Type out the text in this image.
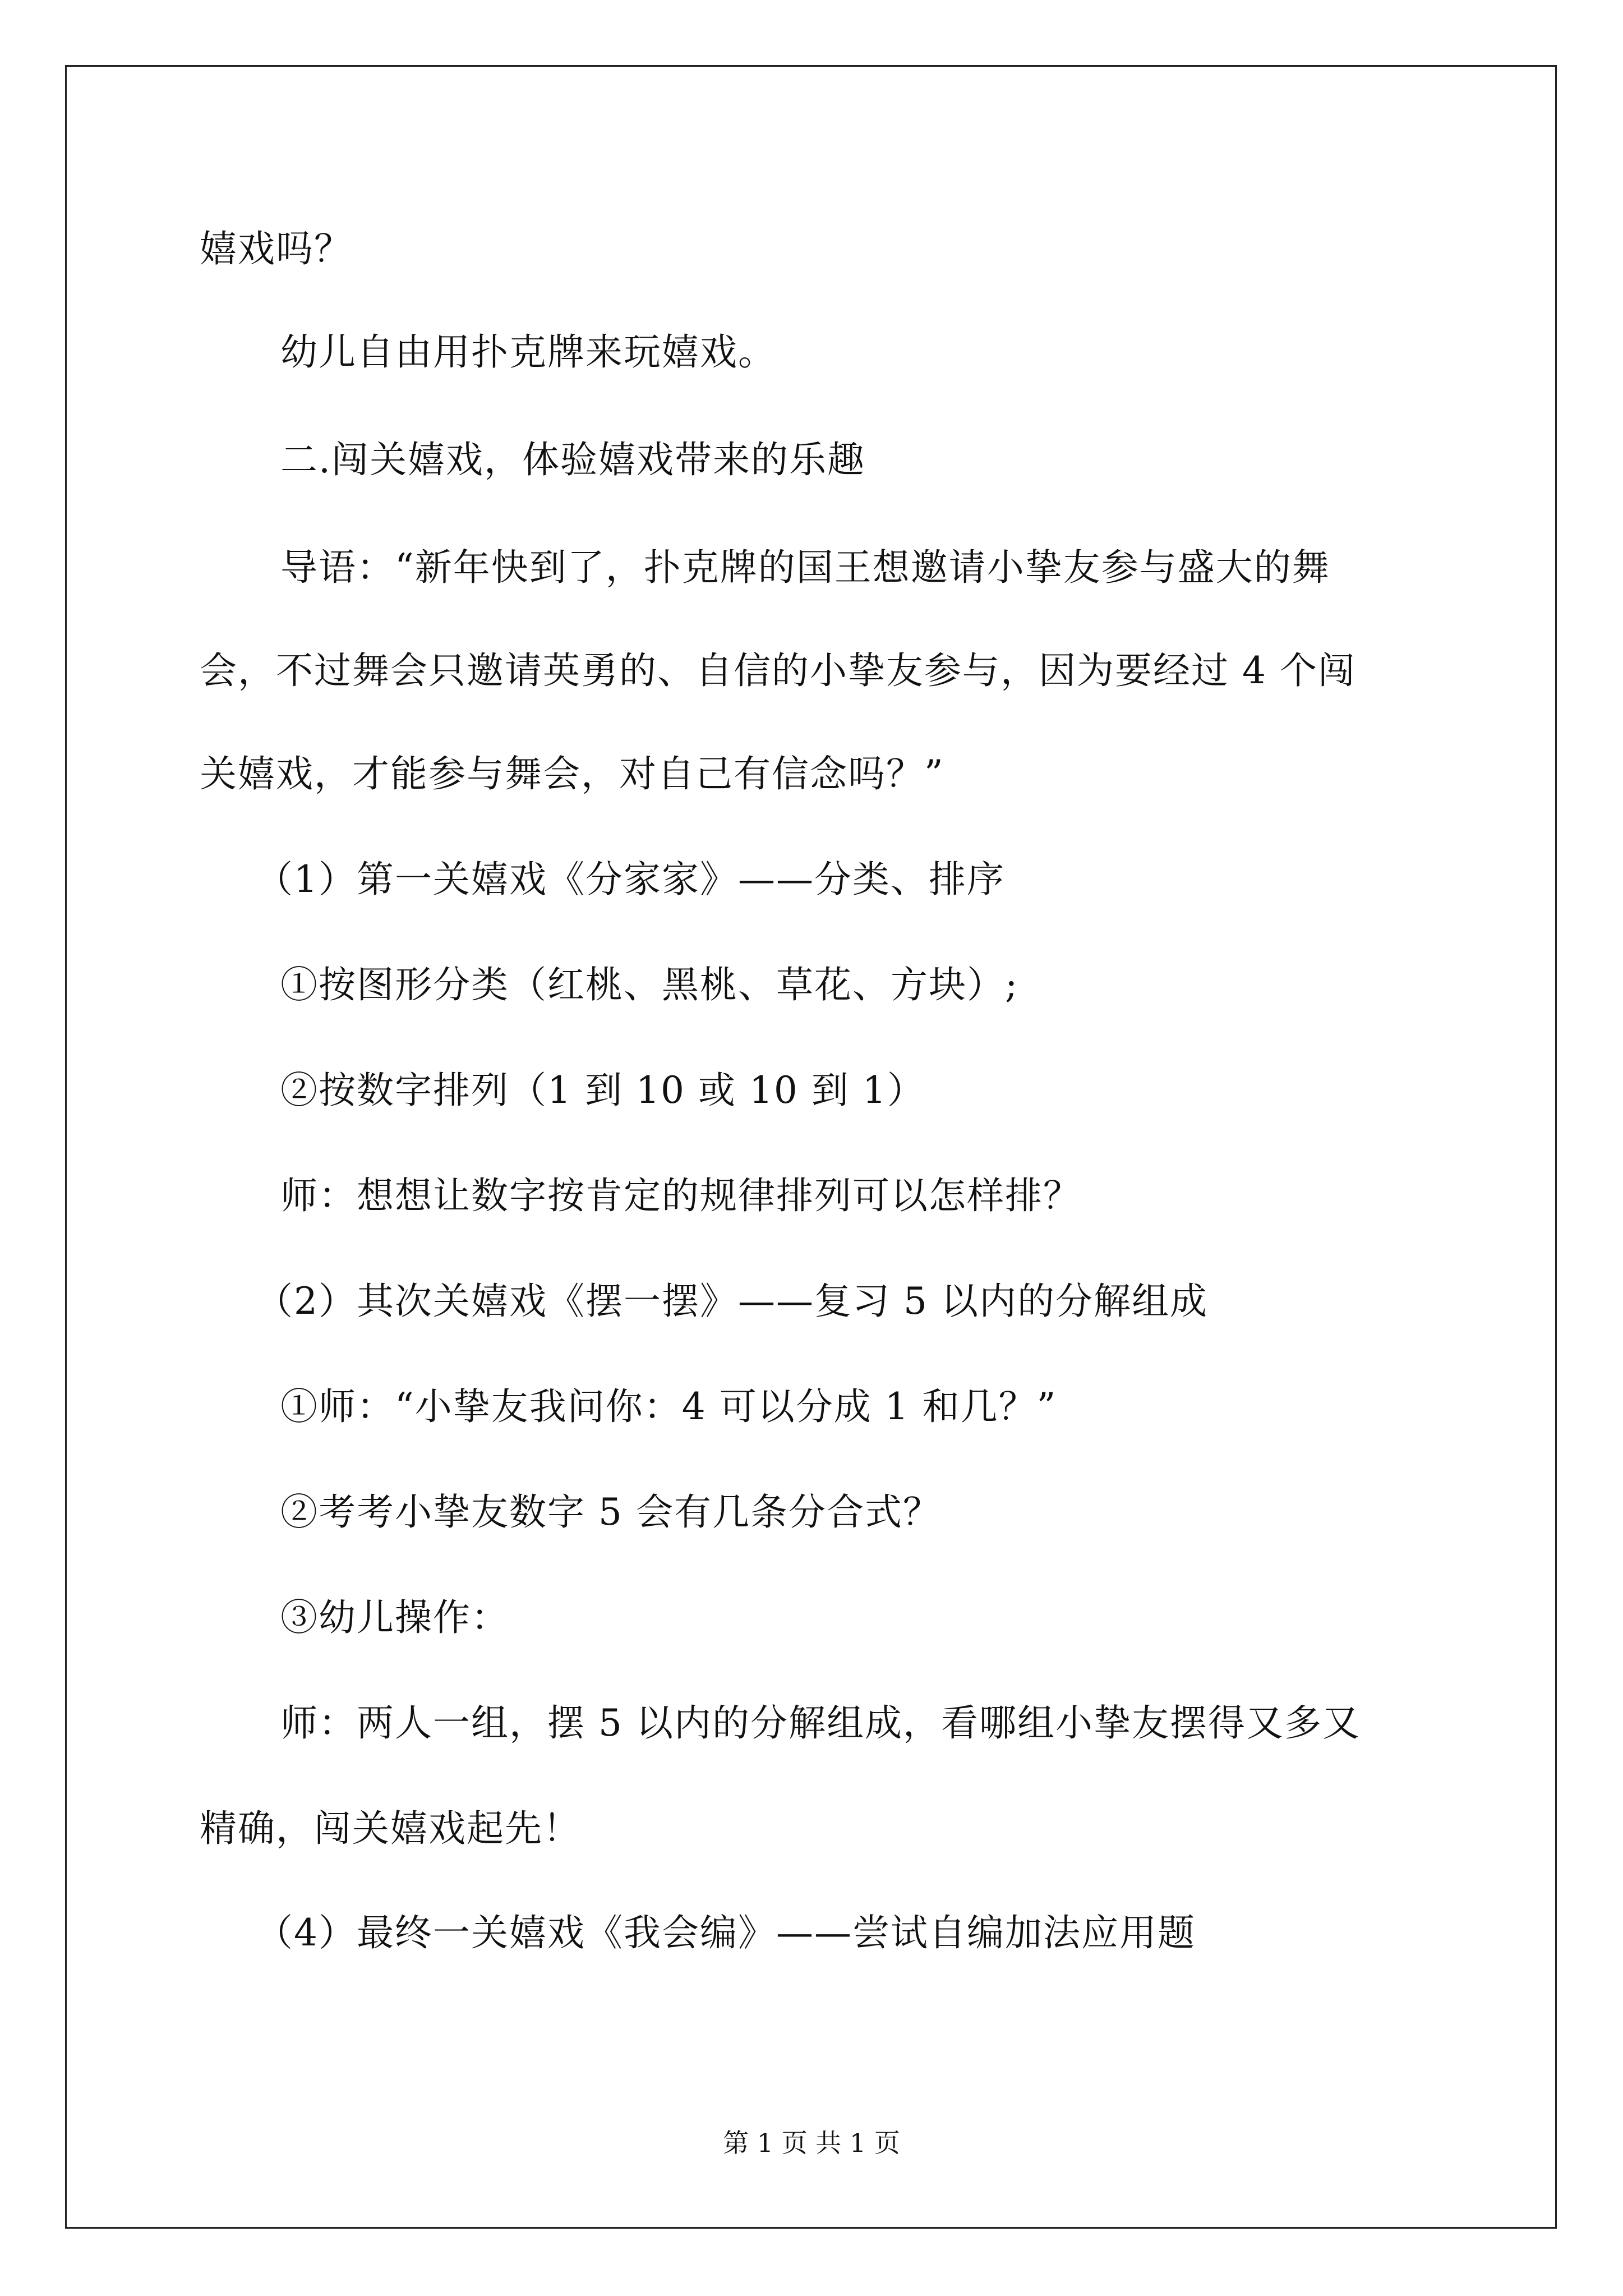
嬉戏吗？
幼儿自由用扑克牌来玩嬉戏。
二.闯关嬉戏，体验嬉戏带来的乐趣
导语：“新年快到了，扑克牌的国王想邀请小挚友参与盛大的舞
会，不过舞会只邀请英勇的、自信的小挚友参与，因为要经过 4 个闯
关嬉戏，才能参与舞会，对自己有信念吗？”
（1）第一关嬉戏《分家家》——分类、排序
①按图形分类（红桃、黑桃、草花、方块）;
②按数字排列（1 到 10 或 10 到 1）
师：想想让数字按肯定的规律排列可以怎样排？
（2）其次关嬉戏《摆一摆》——复习 5 以内的分解组成
①师：“小挚友我问你：4 可以分成 1 和几？”
②考考小挚友数字 5 会有几条分合式？
③幼儿操作：
师：两人一组，摆 5 以内的分解组成，看哪组小挚友摆得又多又
精确，闯关嬉戏起先！
（4）最终一关嬉戏《我会编》——尝试自编加法应用题
第 1 页 共 1 页
